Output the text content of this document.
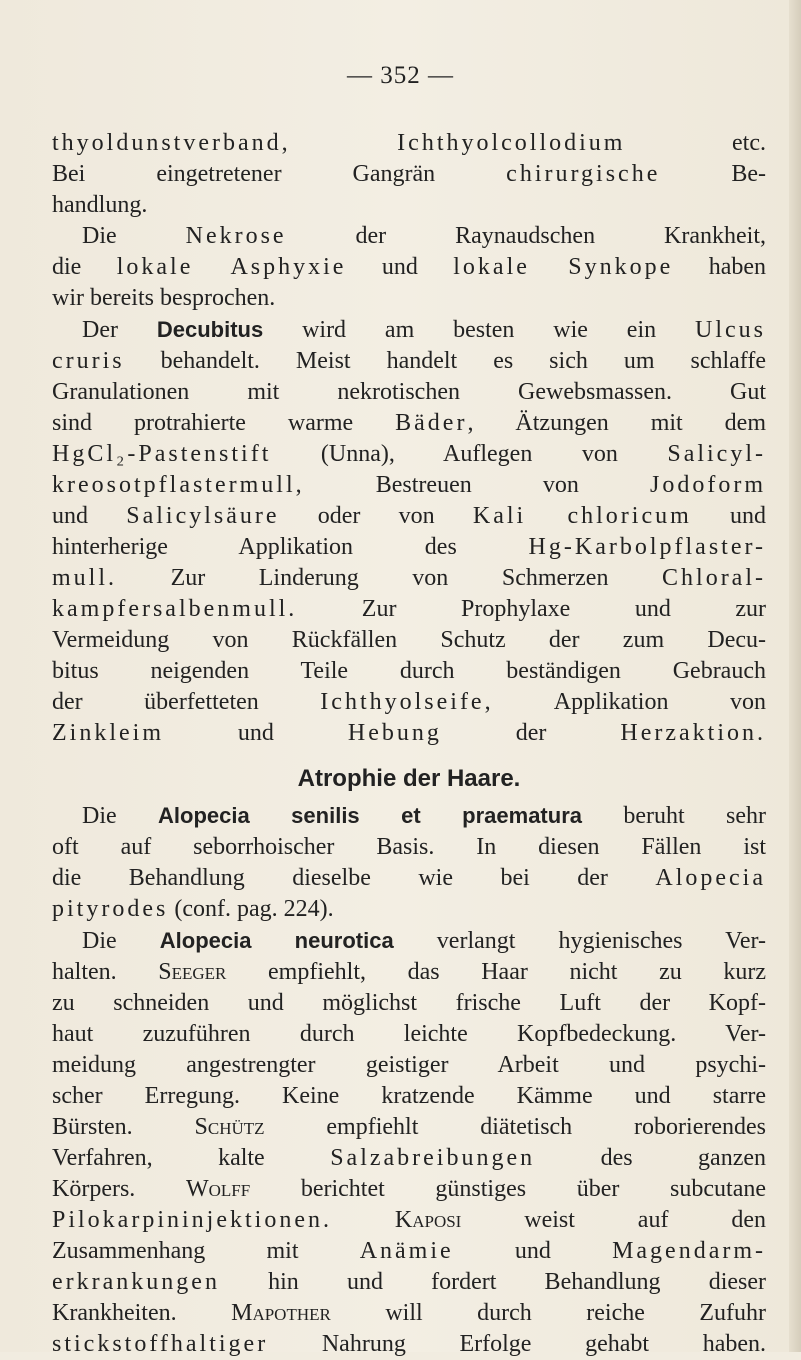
— 352 —
thyoldunstverband,	Ichthyolcollodium etc.
Bei eingetretener Gangrän chirurgische Be-
handlung.
Die Nekrose der Raynaudschen Krankheit,
die lokale Asphyxie und lokale Synkope haben
wir bereits besprochen.
Der Decubitus wird am besten wie ein Ulcus
cruris behandelt. Meist handelt es sich um schlaffe
Granulationen mit nekrotischen Gewebsmassen. Gut
sind protrahierte warme Bäder, Ätzungen mit dem
HgCl₂-Pastenstift (Unna), Auflegen von Salicyl-
kreosotpflastermull, Bestreuen von Jodoform
und Salicylsäure oder von Kali chloricum und
hinterherige Applikation des Hg-Karbolpflaster-
mull. Zur Linderung von Schmerzen Chloral-
kampfersalbenmull. Zur Prophylaxe und zur
Vermeidung von Rückfällen Schutz der zum Decu-
bitus neigenden Teile durch beständigen Gebrauch
der überfetteten Ichthyolseife, Applikation von
Zinkleim und Hebung der Herzaktion.
Atrophie der Haare.
Die Alopecia senilis et praematura beruht sehr
oft auf seborrhoischer Basis. In diesen Fällen ist
die Behandlung dieselbe wie bei der Alopecia
pityrodes (conf. pag. 224).
Die Alopecia neurotica verlangt hygienisches Ver-
halten. Seeger empfiehlt, das Haar nicht zu kurz
zu schneiden und möglichst frische Luft der Kopf-
haut zuzuführen durch leichte Kopfbedeckung. Ver-
meidung angestrengter geistiger Arbeit und psychi-
scher Erregung. Keine kratzende Kämme und starre
Bürsten. Schütz empfiehlt diätetisch roborierendes
Verfahren, kalte Salzabreibungen des ganzen
Körpers. Wolff berichtet günstiges über subcutane
Pilokarpininjektionen.	Kaposi weist auf den
Zusammenhang mit Anämie und Magendarm-
erkrankungen hin und fordert Behandlung dieser
Krankheiten. Mapother will durch reiche Zufuhr
stickstoffhaltiger Nahrung Erfolge gehabt haben.
